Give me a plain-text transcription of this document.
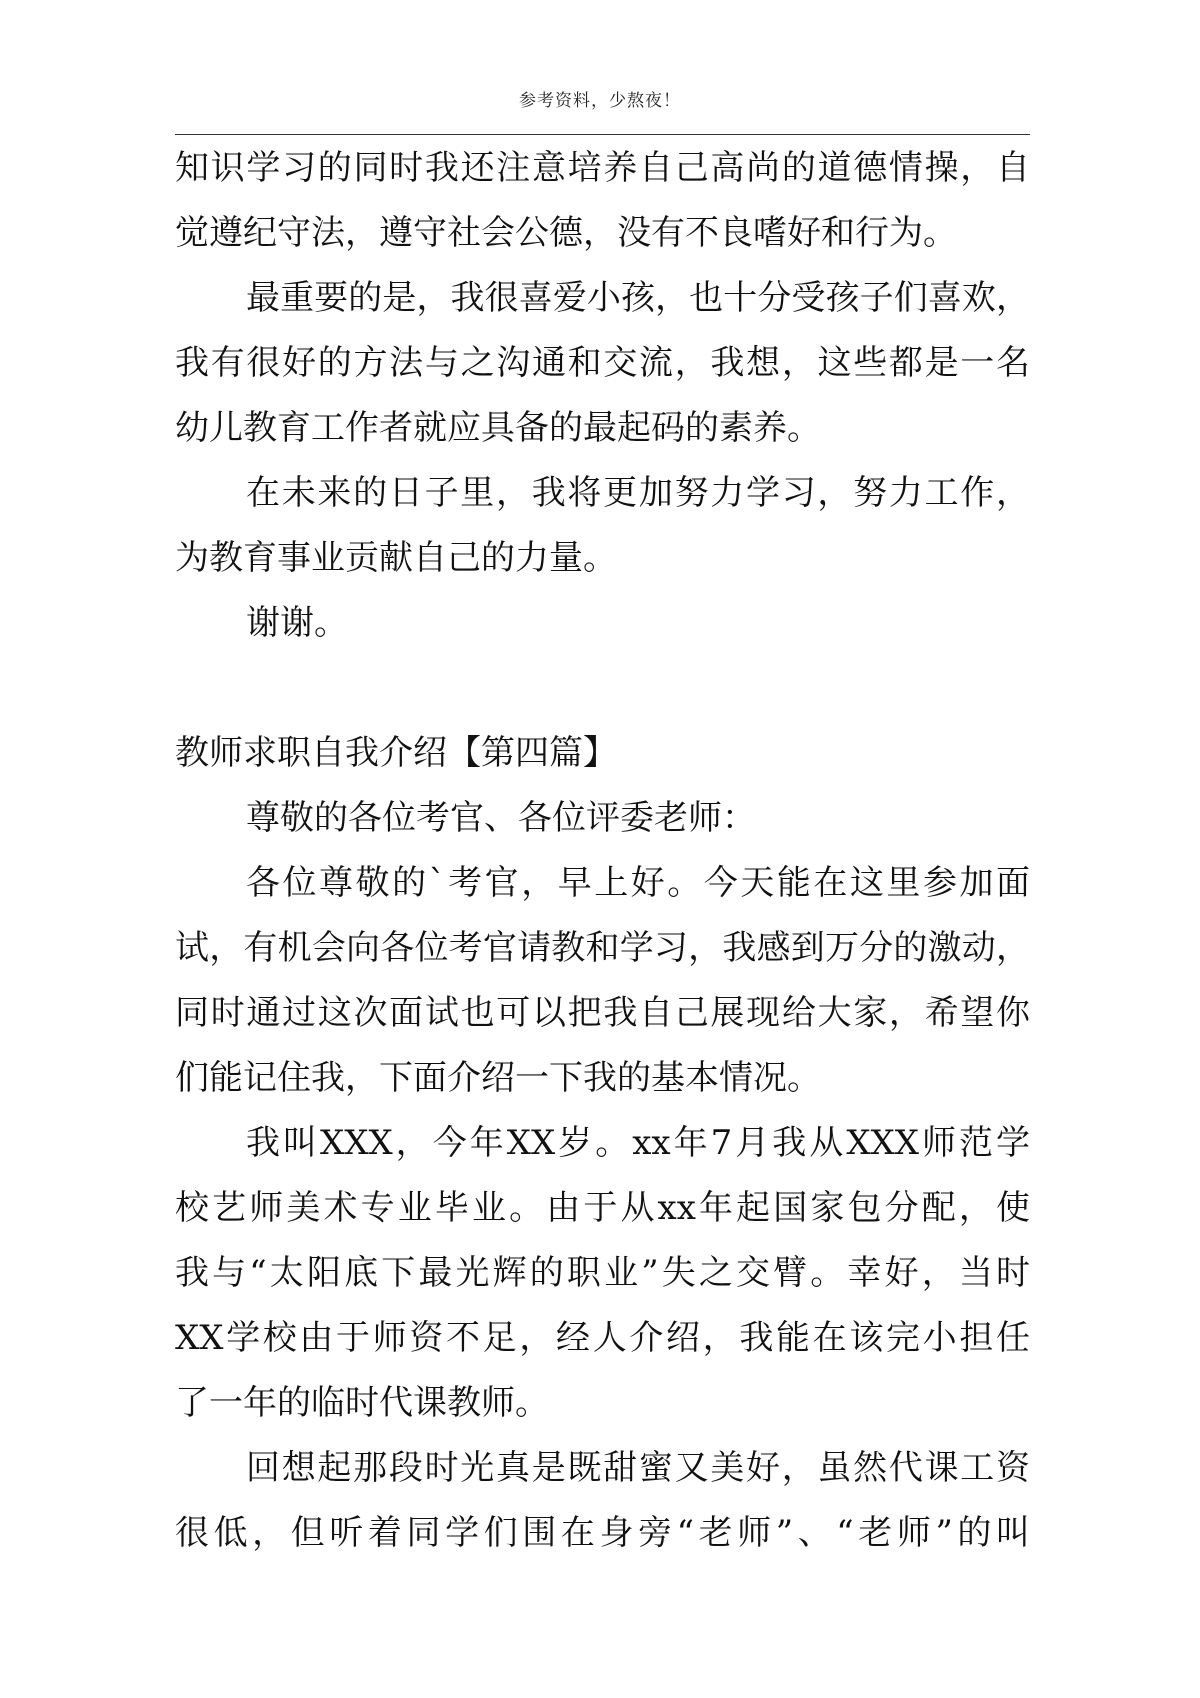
参考资料，少熬夜！
知识学习的同时我还注意培养自己高尚的道德情操，自
觉遵纪守法，遵守社会公德，没有不良嗜好和行为。
最重要的是，我很喜爱小孩，也十分受孩子们喜欢，
我有很好的方法与之沟通和交流，我想，这些都是一名
幼儿教育工作者就应具备的最起码的素养。
在未来的日子里，我将更加努力学习，努力工作，
为教育事业贡献自己的力量。
谢谢。
教师求职自我介绍【第四篇】
尊敬的各位考官、各位评委老师：
各位尊敬的`考官，早上好。今天能在这里参加面
试，有机会向各位考官请教和学习，我感到万分的激动，
同时通过这次面试也可以把我自己展现给大家，希望你
们能记住我，下面介绍一下我的基本情况。
我叫XXX，今年XX岁。xx年7月我从XXX师范学
校艺师美术专业毕业。由于从xx年起国家包分配，使
我与“太阳底下最光辉的职业”失之交臂。幸好，当时
XX学校由于师资不足，经人介绍，我能在该完小担任
了一年的临时代课教师。
回想起那段时光真是既甜蜜又美好，虽然代课工资
很低，但听着同学们围在身旁“老师”、“老师”的叫
